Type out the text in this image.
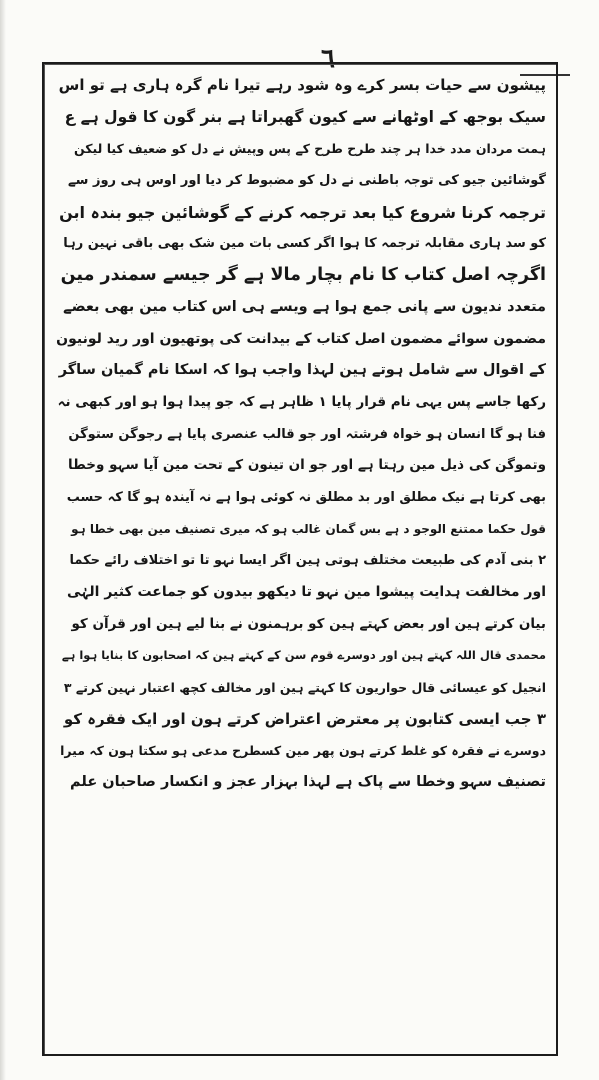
٦
پیشون سے حیات بسر کرے وہ شود رہے تیرا نام گرہ ہاری ہے تو اس
سیک بوجھ کے اوٹھانے سے کیون گھبراتا ہے بنر گون کا قول ہے ع
ہمت مردان مدد خدا ہر چند طرح طرح کے پس وپیش نے دل کو ضعیف کیا لیکن
گوشائین جیو کی توجہ باطنی نے دل کو مضبوط کر دیا اور اوس ہی روز سے
ترجمہ کرنا شروع کیا بعد ترجمہ کرنے کے گوشائین جیو بندہ ابن
کو سد ہاری مقابلہ ترجمہ کا ہوا اگر کسی بات مین شک بھی باقی نہین رہا
اگرچہ اصل کتاب کا نام بچار مالا ہے گر جیسے سمندر مین
متعدد ندیون سے پانی جمع ہوا ہے ویسے ہی اس کتاب مین بھی بعضے
مضمون سوائے مضمون اصل کتاب کے بیدانت کی پوتھیون اور رید لونیون
کے اقوال سے شامل ہوتے ہین لہذا واجب ہوا کہ اسکا نام گمیان ساگر
رکھا جاسے پس یہی نام قرار پایا ١ ظاہر ہے کہ جو پیدا ہوا ہو اور کبھی نہ
فنا ہو گا انسان ہو خواہ فرشتہ اور جو قالب عنصری پایا ہے رجوگن ستوگن
وتموگن کی ذیل مین رہتا ہے اور جو ان تینون کے تحت مین آیا سہو وخطا
بھی کرتا ہے نیک مطلق اور بد مطلق نہ کوئی ہوا ہے نہ آیندہ ہو گا کہ حسب
قول حکما ممتنع الوجو د ہے بس گمان غالب ہو کہ میری تصنیف مین بھی خطا ہو
٢ بنی آدم کی طبیعت مختلف ہوتی ہین اگر ایسا نہو تا تو اختلاف رائے حکما
اور مخالفت ہدایت پیشوا مین نہو تا دیکھو بیدون کو جماعت کثیر الہٰی
بیان کرتے ہین اور بعض کہتے ہین کو برہمنون نے بنا لیے ہین اور قرآن کو
محمدی قال اللہ کہتے ہین اور دوسرے قوم سن کے کہتے ہین کہ اصحابون کا بنایا ہوا ہے
انجیل کو عیسائی قال حواریون کا کہتے ہین اور مخالف کچھ اعتبار نہین کرتے ٣
٣ جب ایسی کتابون پر معترض اعتراض کرتے ہون اور ایک فقرہ کو
دوسرے نے فقرہ کو غلط کرتے ہون پھر مین کسطرح مدعی ہو سکتا ہون کہ میرا
تصنیف سہو وخطا سے پاک ہے لہذا بہزار عجز و انکسار صاحبان علم
